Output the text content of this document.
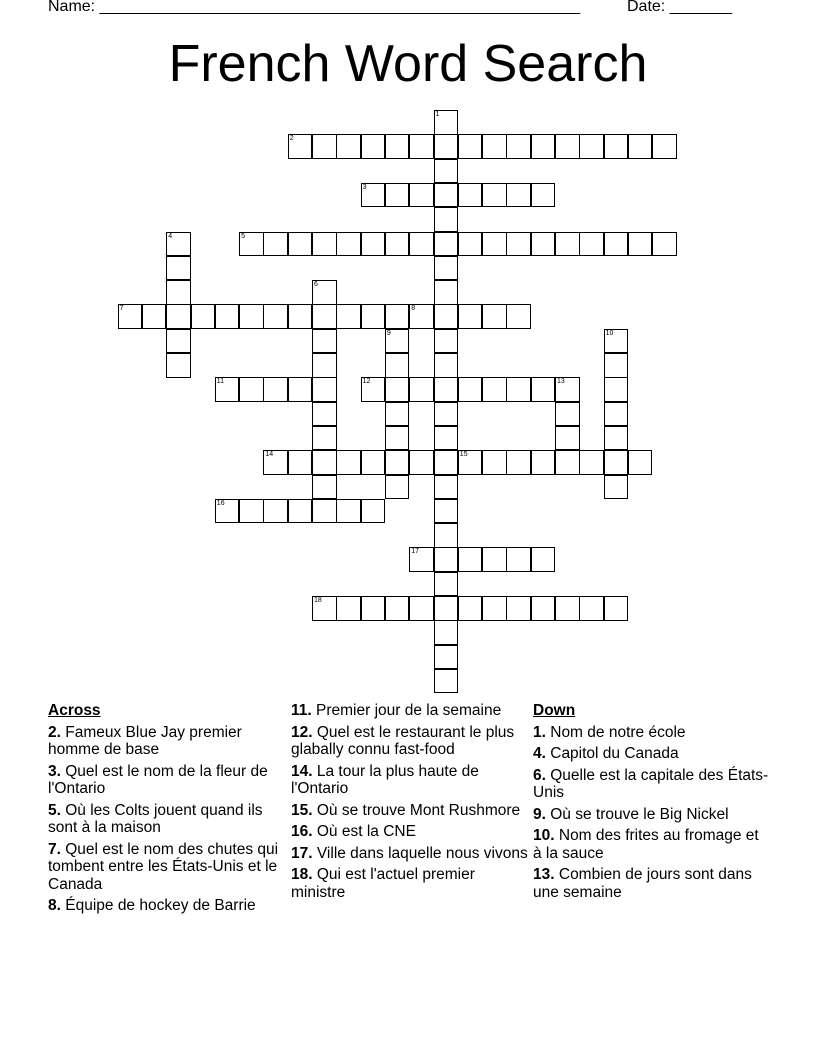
Name: ______________________________________________________	Date: _______
French Word Search
1
2
3
4	5
6
7	8
9	10
11	12	13
14	15
16
17
18
Across
2. Fameux Blue Jay premier homme de base
3. Quel est le nom de la fleur de l'Ontario
5. Où les Colts jouent quand ils sont à la maison
7. Quel est le nom des chutes qui tombent entre les États-Unis et le Canada
8. Équipe de hockey de Barrie
11. Premier jour de la semaine
12. Quel est le restaurant le plus glabally connu fast-food
14. La tour la plus haute de l'Ontario
15. Où se trouve Mont Rushmore
16. Où est la CNE
17. Ville dans laquelle nous vivons
18. Qui est l'actuel premier ministre
Down
1. Nom de notre école
4. Capitol du Canada
6. Quelle est la capitale des États-Unis
9. Où se trouve le Big Nickel
10. Nom des frites au fromage et à la sauce
13. Combien de jours sont dans une semaine
